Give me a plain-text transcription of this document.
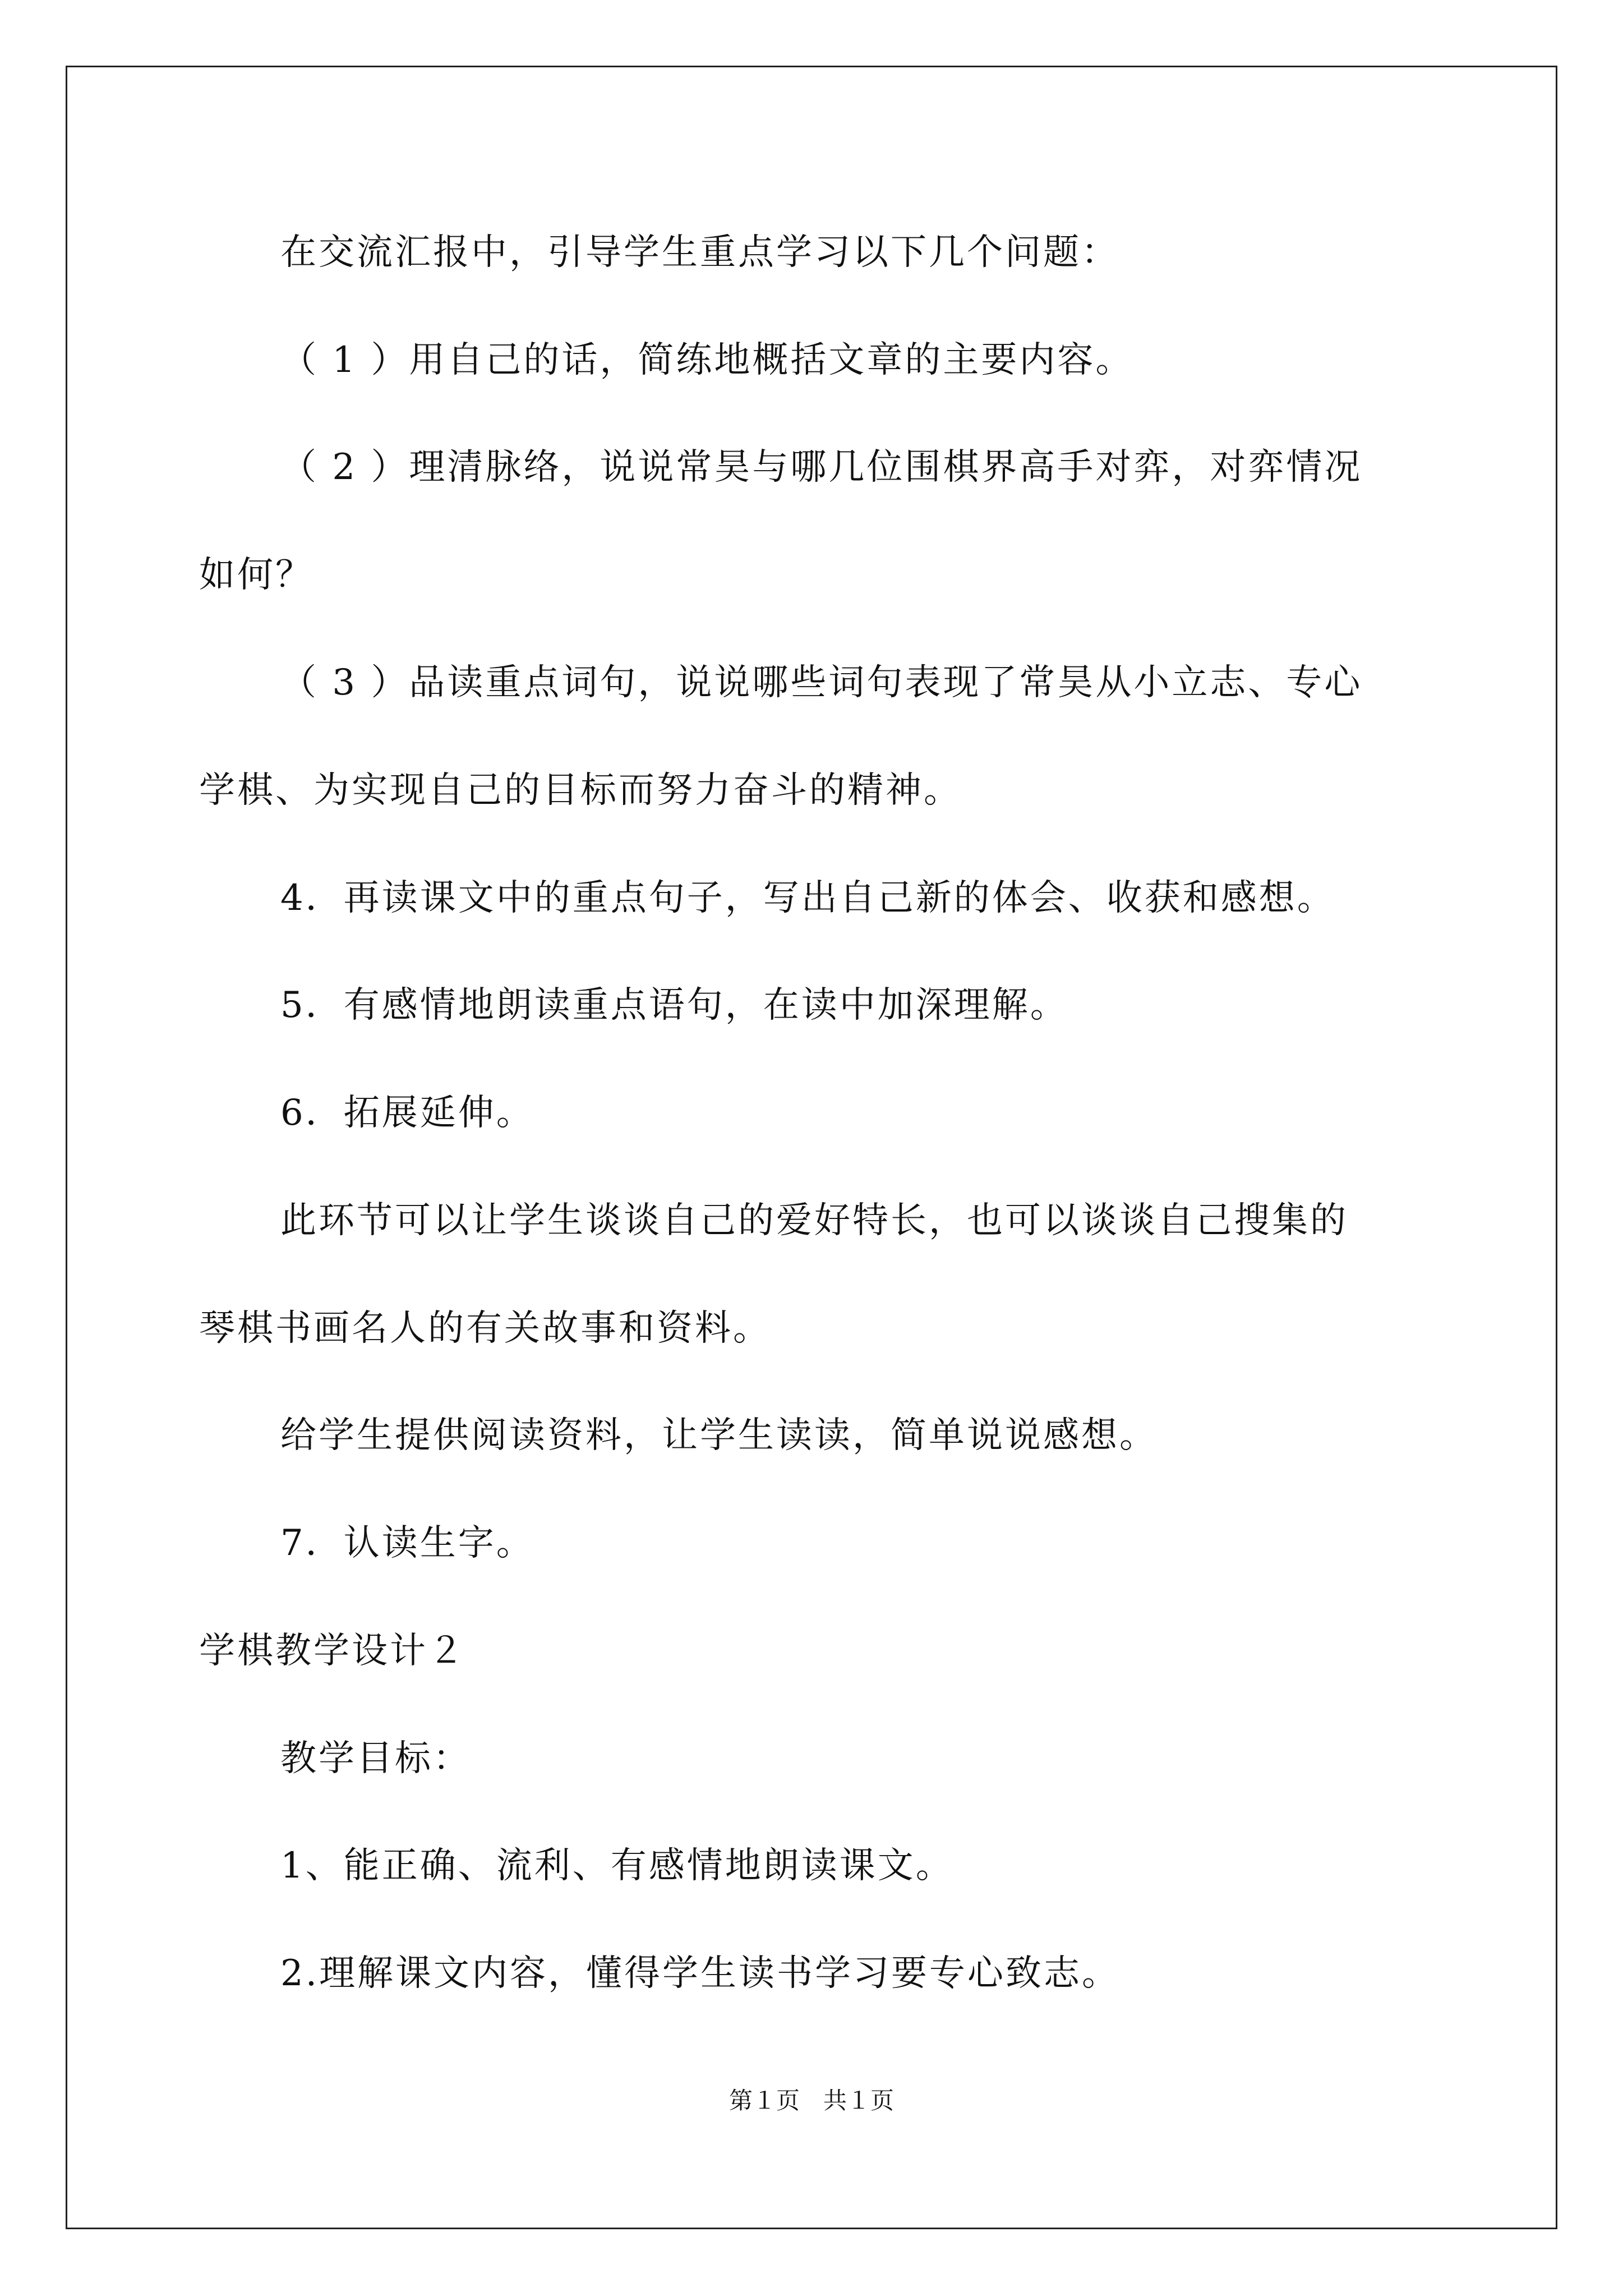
在交流汇报中，引导学生重点学习以下几个问题：
（ 1 ）用自己的话，简练地概括文章的主要内容。
（ 2 ）理清脉络，说说常昊与哪几位围棋界高手对弈，对弈情况
如何？
（ 3 ）品读重点词句，说说哪些词句表现了常昊从小立志、专心
学棋、为实现自己的目标而努力奋斗的精神。
4．再读课文中的重点句子，写出自己新的体会、收获和感想。
5．有感情地朗读重点语句，在读中加深理解。
6．拓展延伸。
此环节可以让学生谈谈自己的爱好特长，也可以谈谈自己搜集的
琴棋书画名人的有关故事和资料。
给学生提供阅读资料，让学生读读，简单说说感想。
7．认读生字。
学棋教学设计２
教学目标：
1、能正确、流利、有感情地朗读课文。
2.理解课文内容，懂得学生读书学习要专心致志。
第１页　共１页
